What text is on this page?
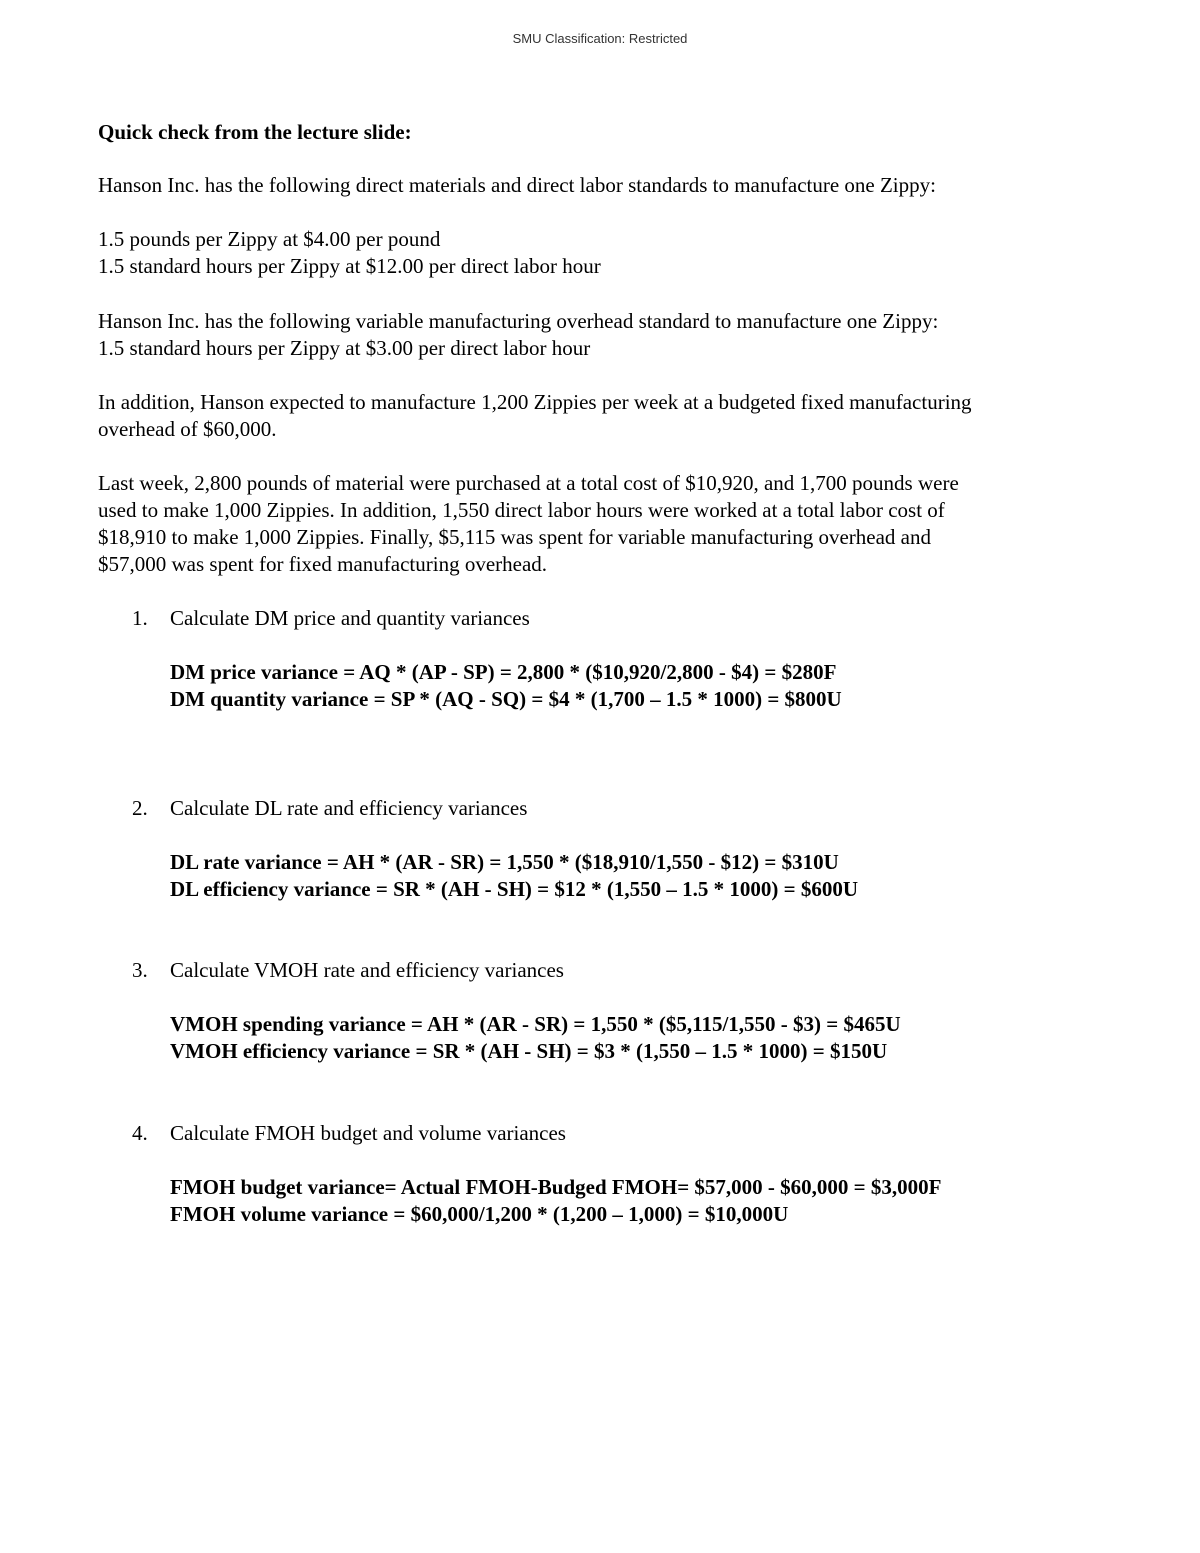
SMU Classification: Restricted
Quick check from the lecture slide:
Hanson Inc. has the following direct materials and direct labor standards to manufacture one Zippy:
1.5 pounds per Zippy at $4.00 per pound
1.5 standard hours per Zippy at $12.00 per direct labor hour
Hanson Inc. has the following variable manufacturing overhead standard to manufacture one Zippy:
1.5 standard hours per Zippy at $3.00 per direct labor hour
In addition, Hanson expected to manufacture 1,200 Zippies per week at a budgeted fixed manufacturing
overhead of $60,000.
Last week, 2,800 pounds of material were purchased at a total cost of $10,920, and 1,700 pounds were
used to make 1,000 Zippies. In addition, 1,550 direct labor hours were worked at a total labor cost of
$18,910 to make 1,000 Zippies. Finally, $5,115 was spent for variable manufacturing overhead and
$57,000 was spent for fixed manufacturing overhead.
1. Calculate DM price and quantity variances
DM price variance = AQ * (AP - SP) = 2,800 * ($10,920/2,800 - $4) = $280F
DM quantity variance = SP * (AQ - SQ) = $4 * (1,700 – 1.5 * 1000) = $800U
2. Calculate DL rate and efficiency variances
DL rate variance = AH * (AR - SR) = 1,550 * ($18,910/1,550 - $12) = $310U
DL efficiency variance = SR * (AH - SH) = $12 * (1,550 – 1.5 * 1000) = $600U
3. Calculate VMOH rate and efficiency variances
VMOH spending variance = AH * (AR - SR) = 1,550 * ($5,115/1,550 - $3) = $465U
VMOH efficiency variance = SR * (AH - SH) = $3 * (1,550 – 1.5 * 1000) = $150U
4. Calculate FMOH budget and volume variances
FMOH budget variance= Actual FMOH-Budged FMOH= $57,000 - $60,000 = $3,000F
FMOH volume variance = $60,000/1,200 * (1,200 – 1,000) = $10,000U
